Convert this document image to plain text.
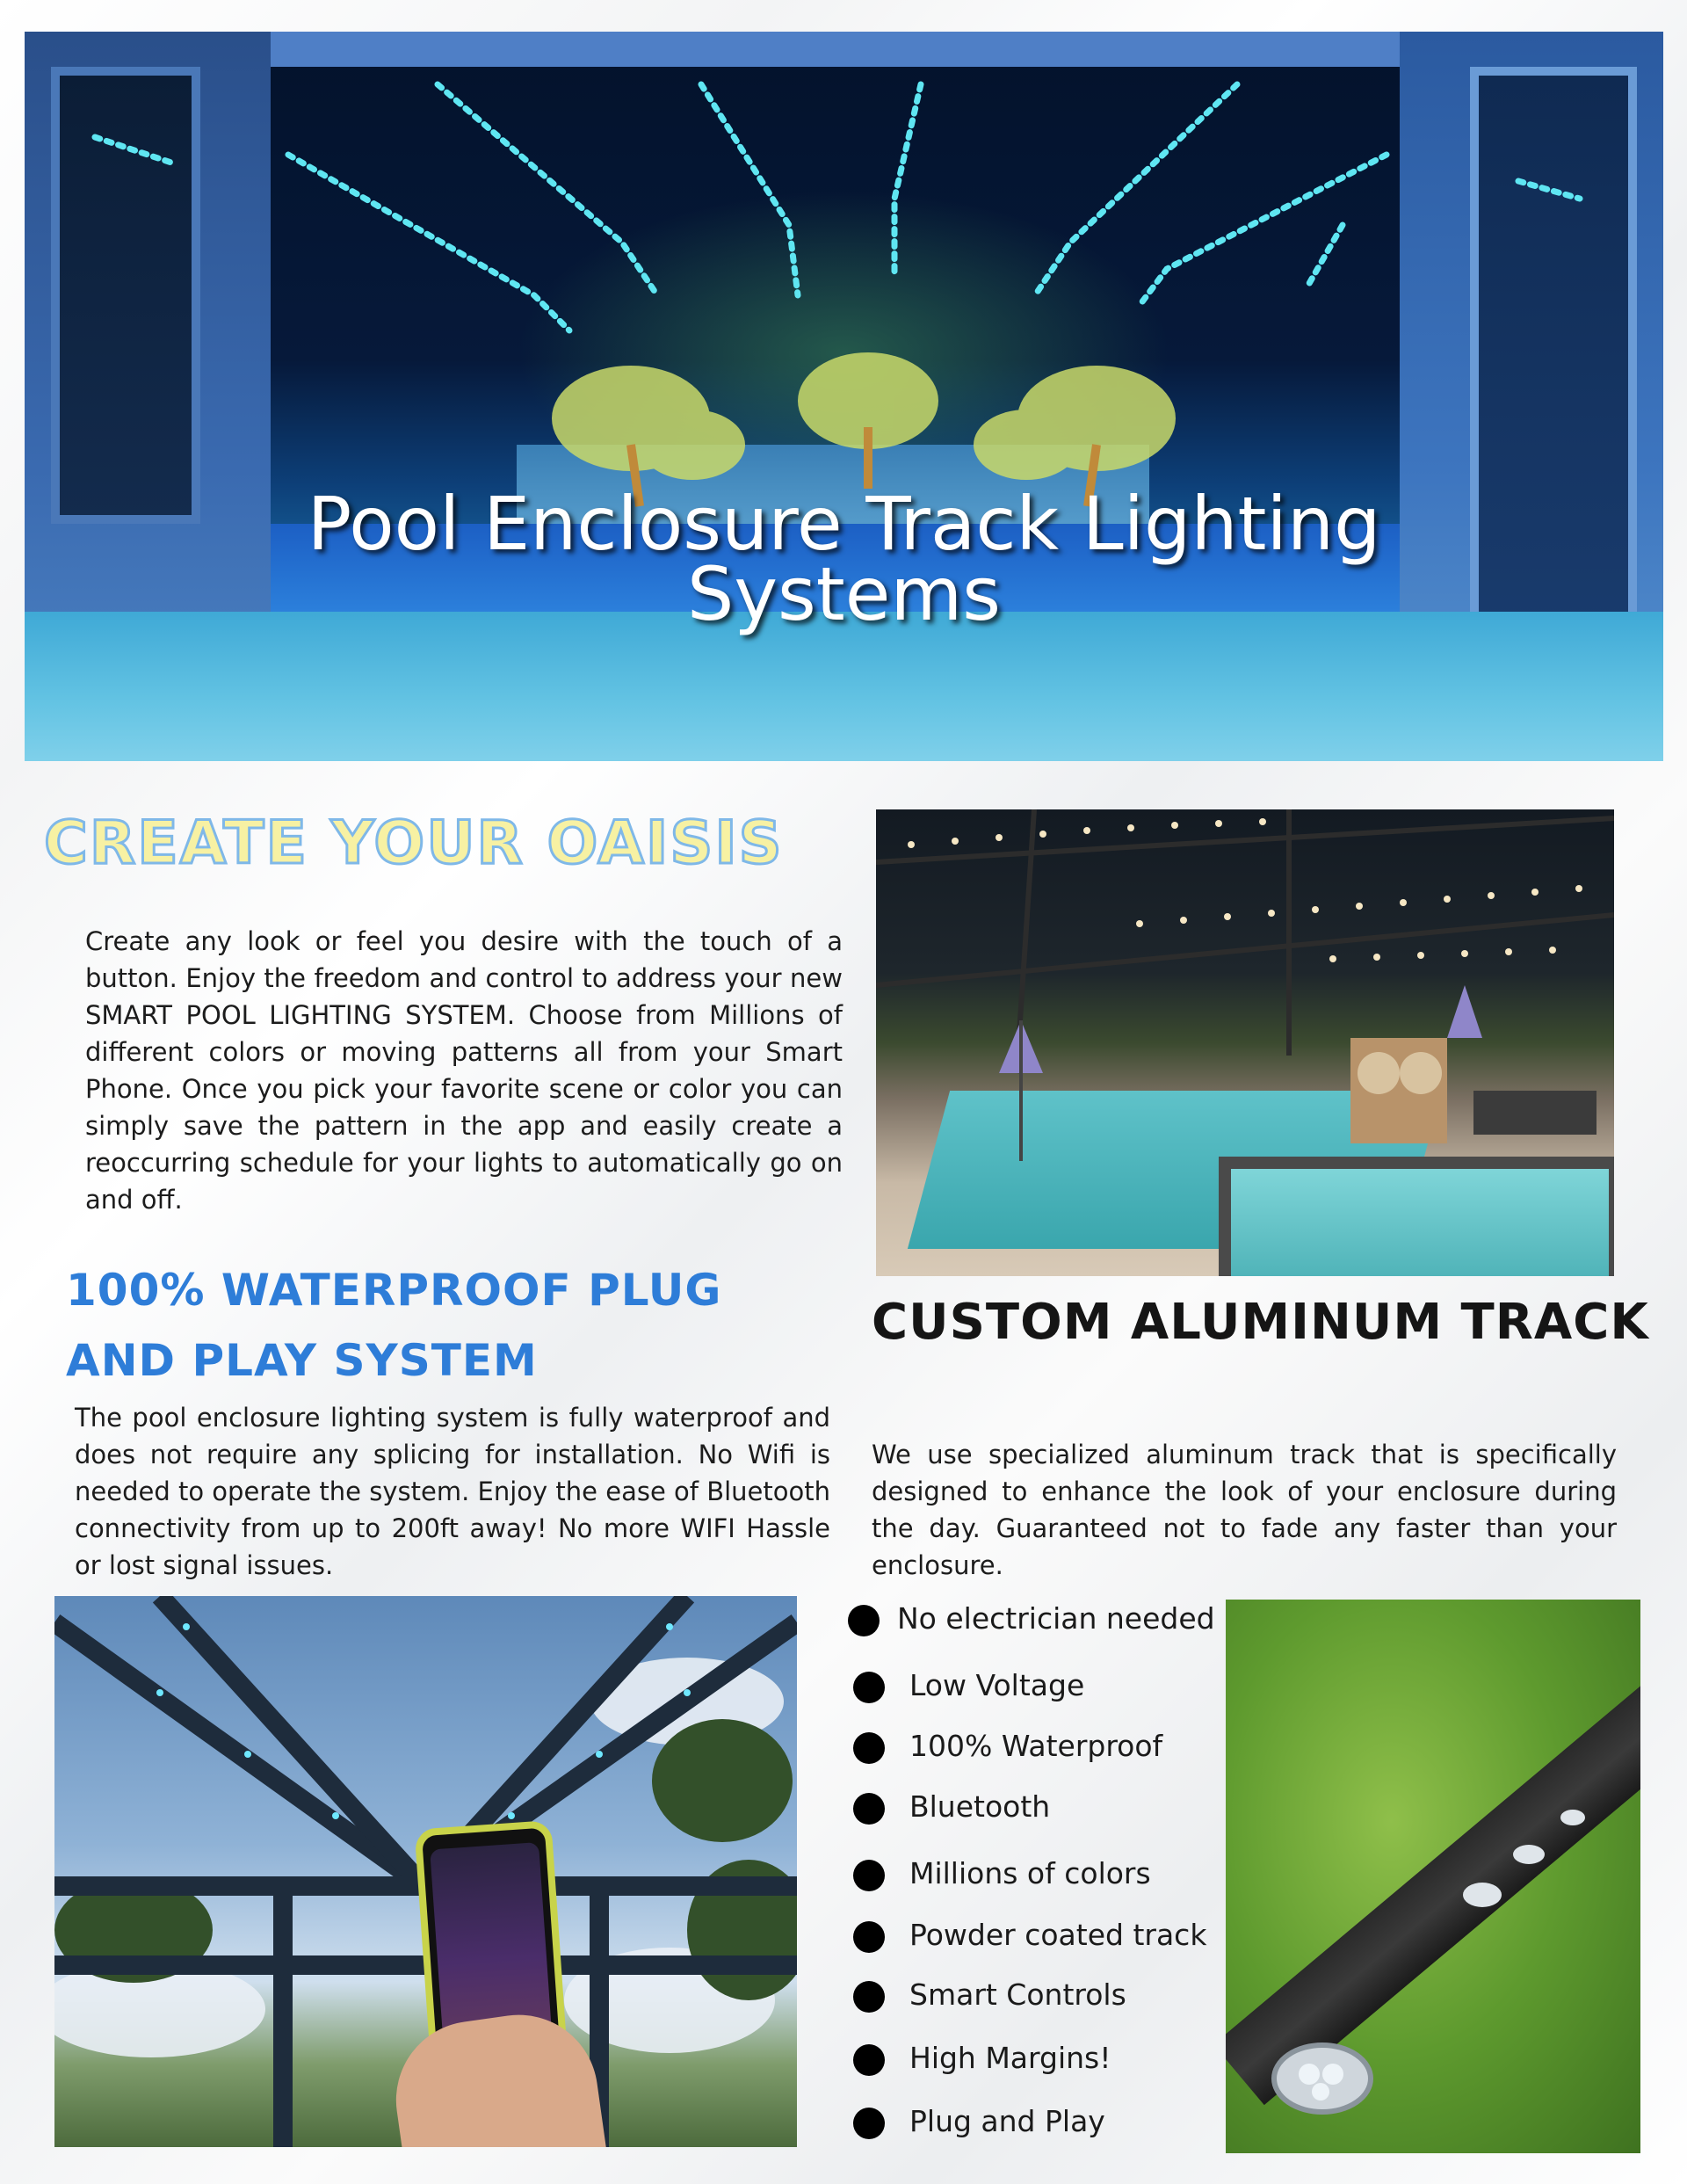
Pool Enclosure Track Lighting
Systems
CREATE YOUR OAISIS

Create any look or feel you desire with the touch of a button. Enjoy the freedom and control to address your new SMART POOL LIGHTING SYSTEM. Choose from Millions of different colors or moving patterns all from your Smart Phone. Once you pick your favorite scene or color you can simply save the pattern in the app and easily create a reoccurring schedule for your lights to automatically go on and off.

100% WATERPROOF PLUG AND PLAY SYSTEM

The pool enclosure lighting system is fully waterproof and does not require any splicing for installation. No Wifi is needed to operate the system. Enjoy the ease of Bluetooth connectivity from up to 200ft away! No more WIFI Hassle or lost signal issues.

CUSTOM ALUMINUM TRACK

We use specialized aluminum track that is specifically designed to enhance the look of your enclosure during the day. Guaranteed not to fade any faster than your enclosure.

No electrician needed
Low Voltage
100% Waterproof
Bluetooth
Millions of colors
Powder coated track
Smart Controls
High Margins!
Plug and Play
